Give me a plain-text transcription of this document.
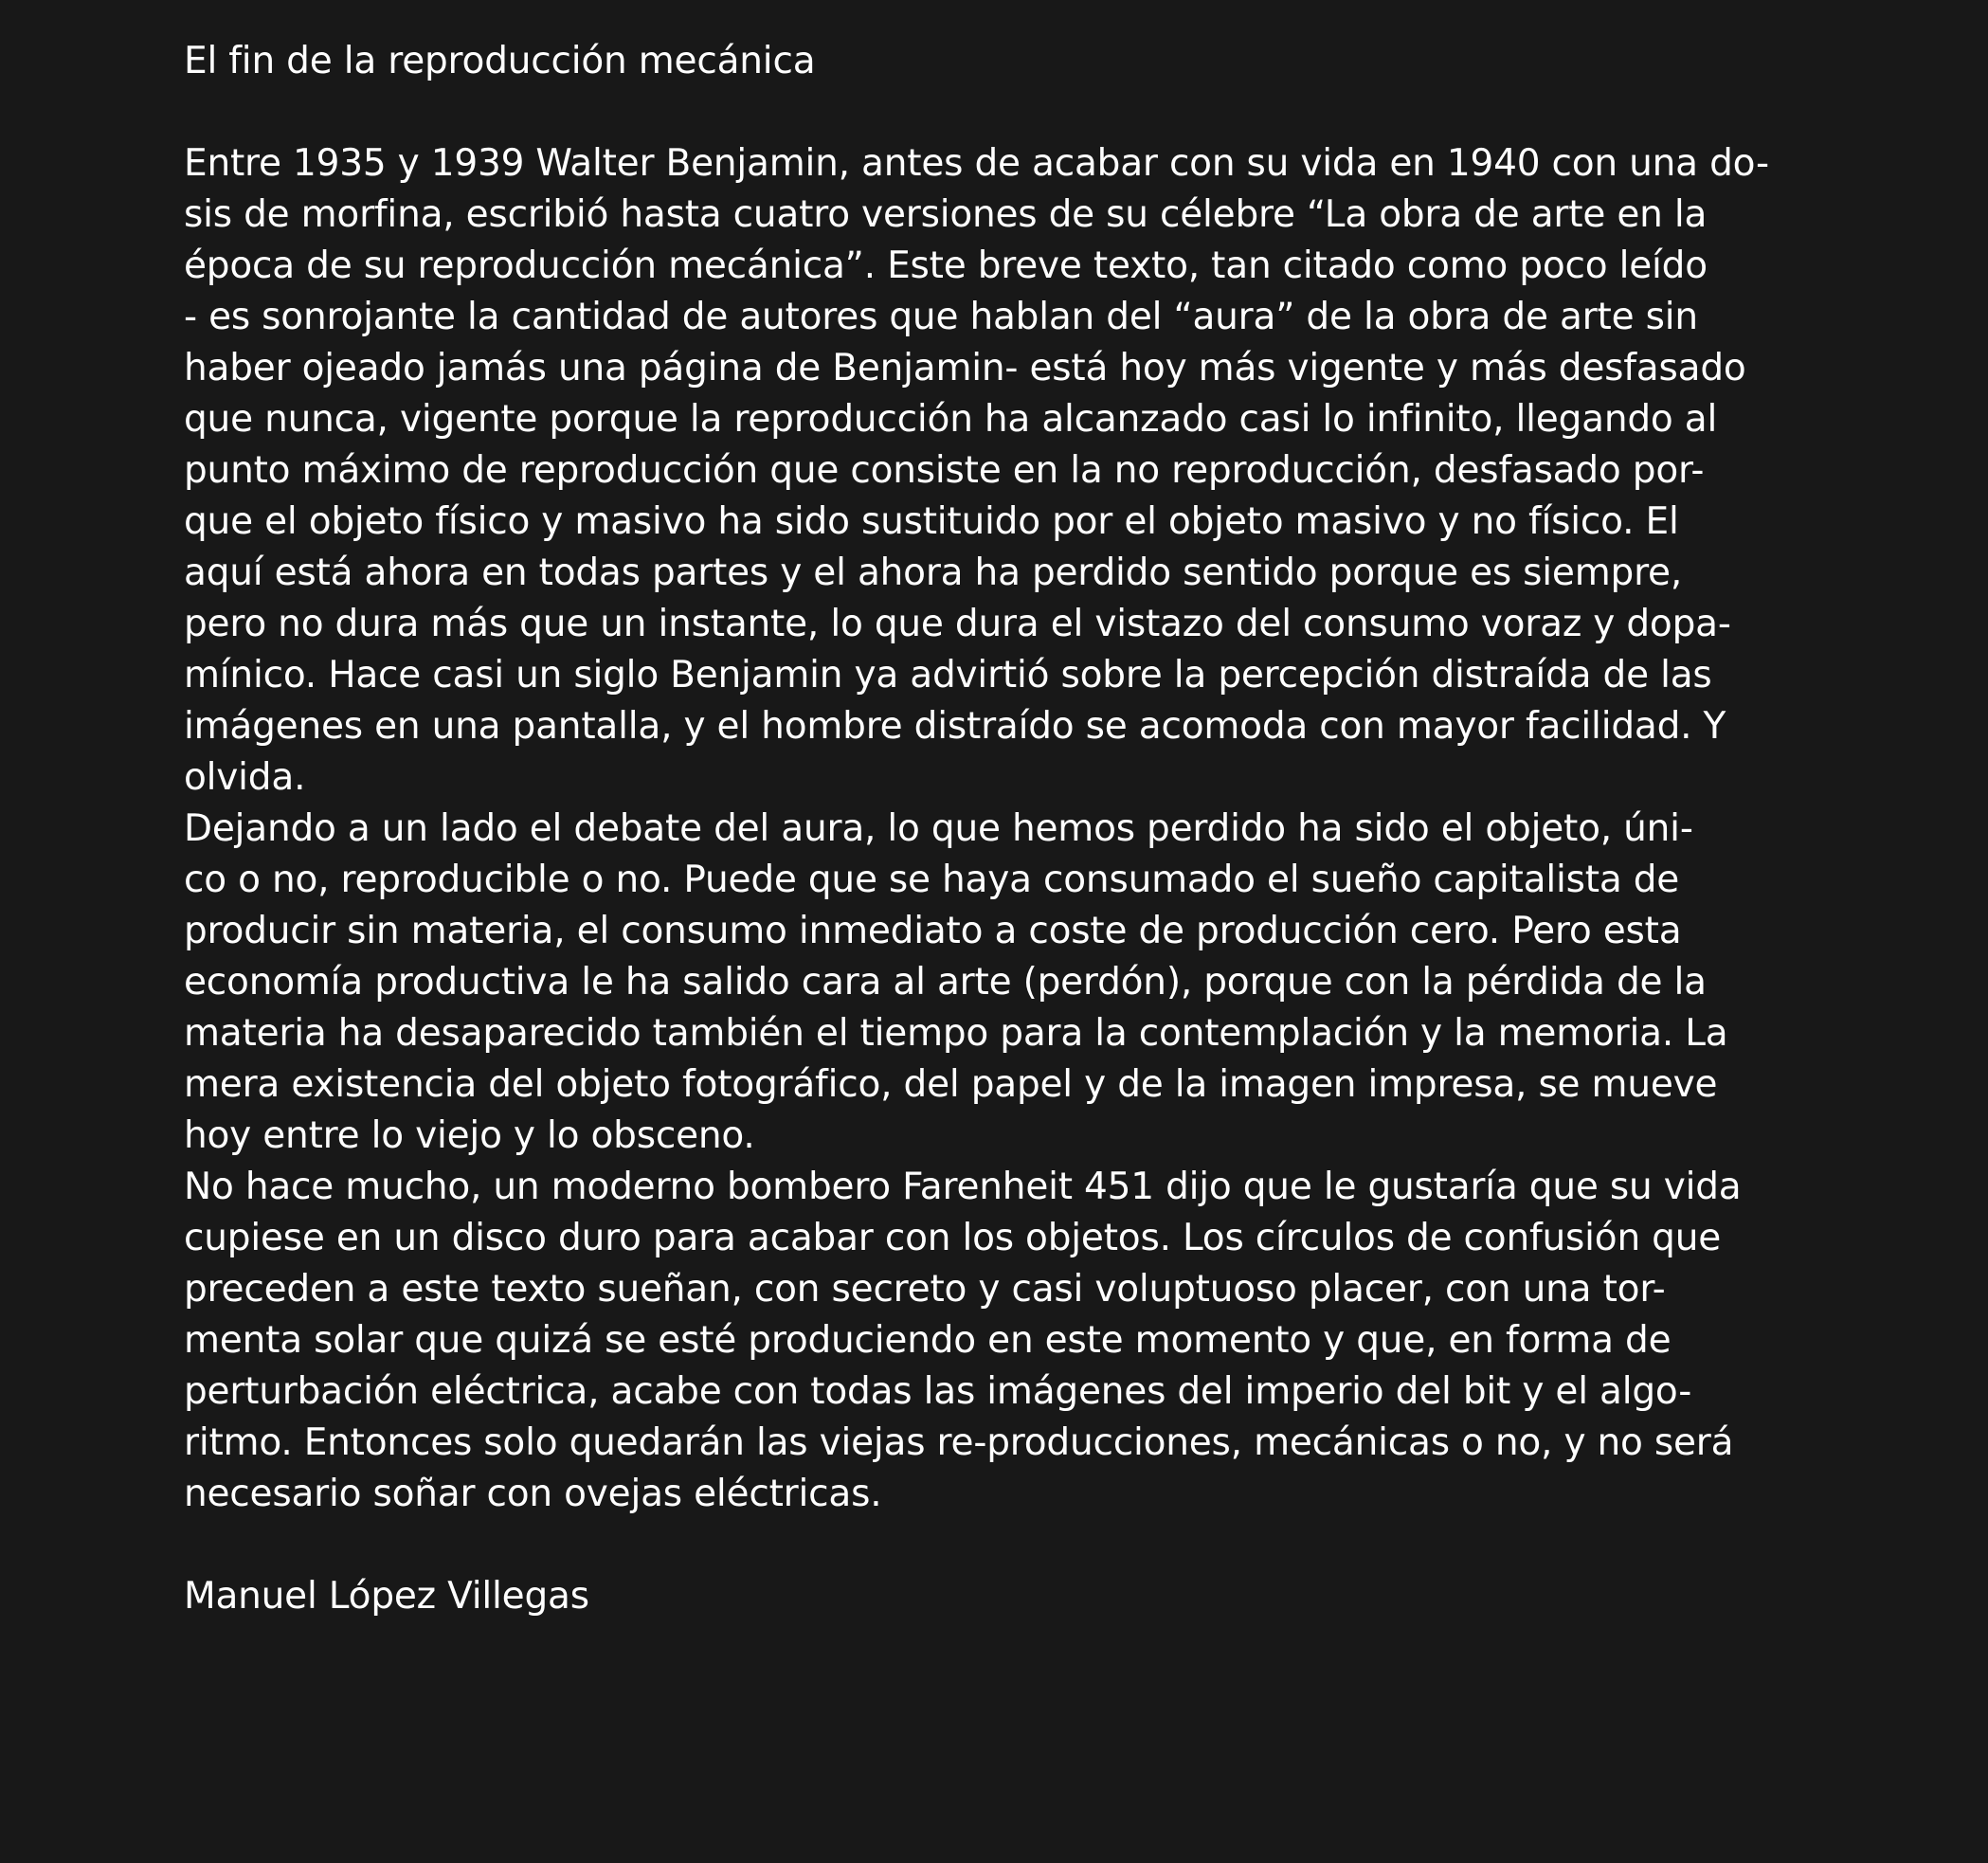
El fin de la reproducción mecánica
Entre 1935 y 1939 Walter Benjamin, antes de acabar con su vida en 1940 con una do-
sis de morfina, escribió hasta cuatro versiones de su célebre “La obra de arte en la
época de su reproducción mecánica”. Este breve texto, tan citado como poco leído
- es sonrojante la cantidad de autores que hablan del “aura” de la obra de arte sin
haber ojeado jamás una página de Benjamin- está hoy más vigente y más desfasado
que nunca, vigente porque la reproducción ha alcanzado casi lo infinito, llegando al
punto máximo de reproducción que consiste en la no reproducción, desfasado por-
que el objeto físico y masivo ha sido sustituido por el objeto masivo y no físico. El
aquí está ahora en todas partes y el ahora ha perdido sentido porque es siempre,
pero no dura más que un instante, lo que dura el vistazo del consumo voraz y dopa-
mínico. Hace casi un siglo Benjamin ya advirtió sobre la percepción distraída de las
imágenes en una pantalla, y el hombre distraído se acomoda con mayor facilidad. Y
olvida.
Dejando a un lado el debate del aura, lo que hemos perdido ha sido el objeto, úni-
co o no, reproducible o no. Puede que se haya consumado el sueño capitalista de
producir sin materia, el consumo inmediato a coste de producción cero. Pero esta
economía productiva le ha salido cara al arte (perdón), porque con la pérdida de la
materia ha desaparecido también el tiempo para la contemplación y la memoria. La
mera existencia del objeto fotográfico, del papel y de la imagen impresa, se mueve
hoy entre lo viejo y lo obsceno.
No hace mucho, un moderno bombero Farenheit 451 dijo que le gustaría que su vida
cupiese en un disco duro para acabar con los objetos. Los círculos de confusión que
preceden a este texto sueñan, con secreto y casi voluptuoso placer, con una tor-
menta solar que quizá se esté produciendo en este momento y que, en forma de
perturbación eléctrica, acabe con todas las imágenes del imperio del bit y el algo-
ritmo. Entonces solo quedarán las viejas re-producciones, mecánicas o no, y no será
necesario soñar con ovejas eléctricas.
Manuel López Villegas
